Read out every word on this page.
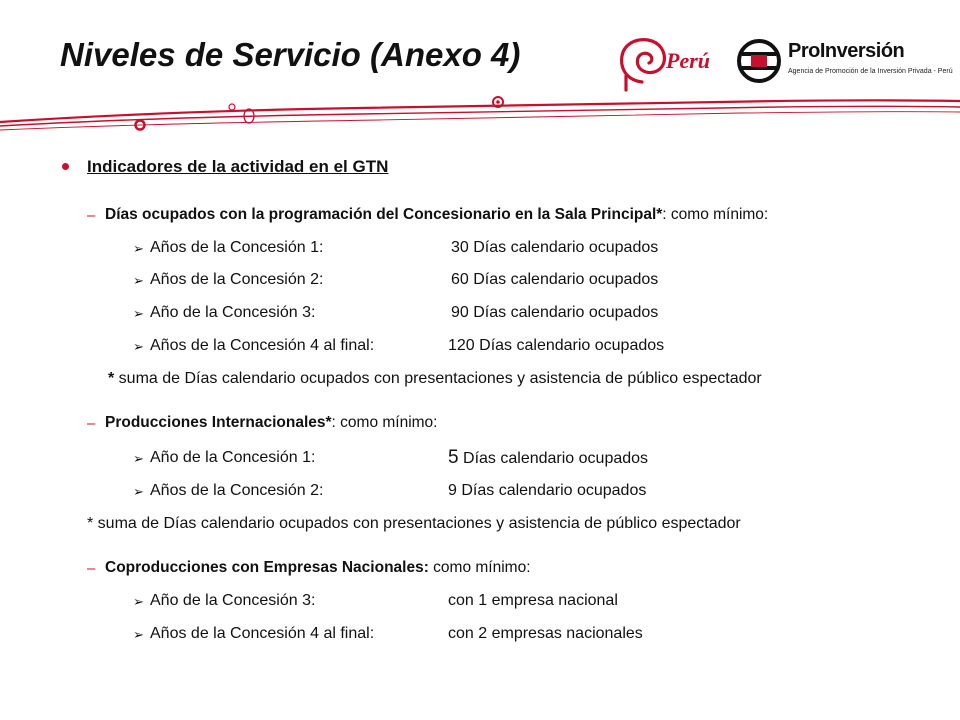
Niveles de Servicio (Anexo 4)	Perú	ProInversión
Agencia de Promoción de la Inversión Privada - Perú
Indicadores de la actividad en el GTN
– Días ocupados con la programación del Concesionario en la Sala Principal*: como mínimo:
➢ Años de la Concesión 1:	30 Días calendario ocupados
➢ Años de la Concesión 2:	60 Días calendario ocupados
➢ Año de la Concesión 3:	90 Días calendario ocupados
➢ Años de la Concesión 4 al final:	120 Días calendario ocupados
* suma de Días calendario ocupados con presentaciones y asistencia de público espectador
– Producciones Internacionales*: como mínimo:
➢ Año de la Concesión 1:	5 Días calendario ocupados
➢ Años de la Concesión 2:	9 Días calendario ocupados
* suma de Días calendario ocupados con presentaciones y asistencia de público espectador
– Coproducciones con Empresas Nacionales: como mínimo:
➢ Año de la Concesión 3:	con 1 empresa nacional
➢ Años de la Concesión 4 al final:	con 2 empresas nacionales
